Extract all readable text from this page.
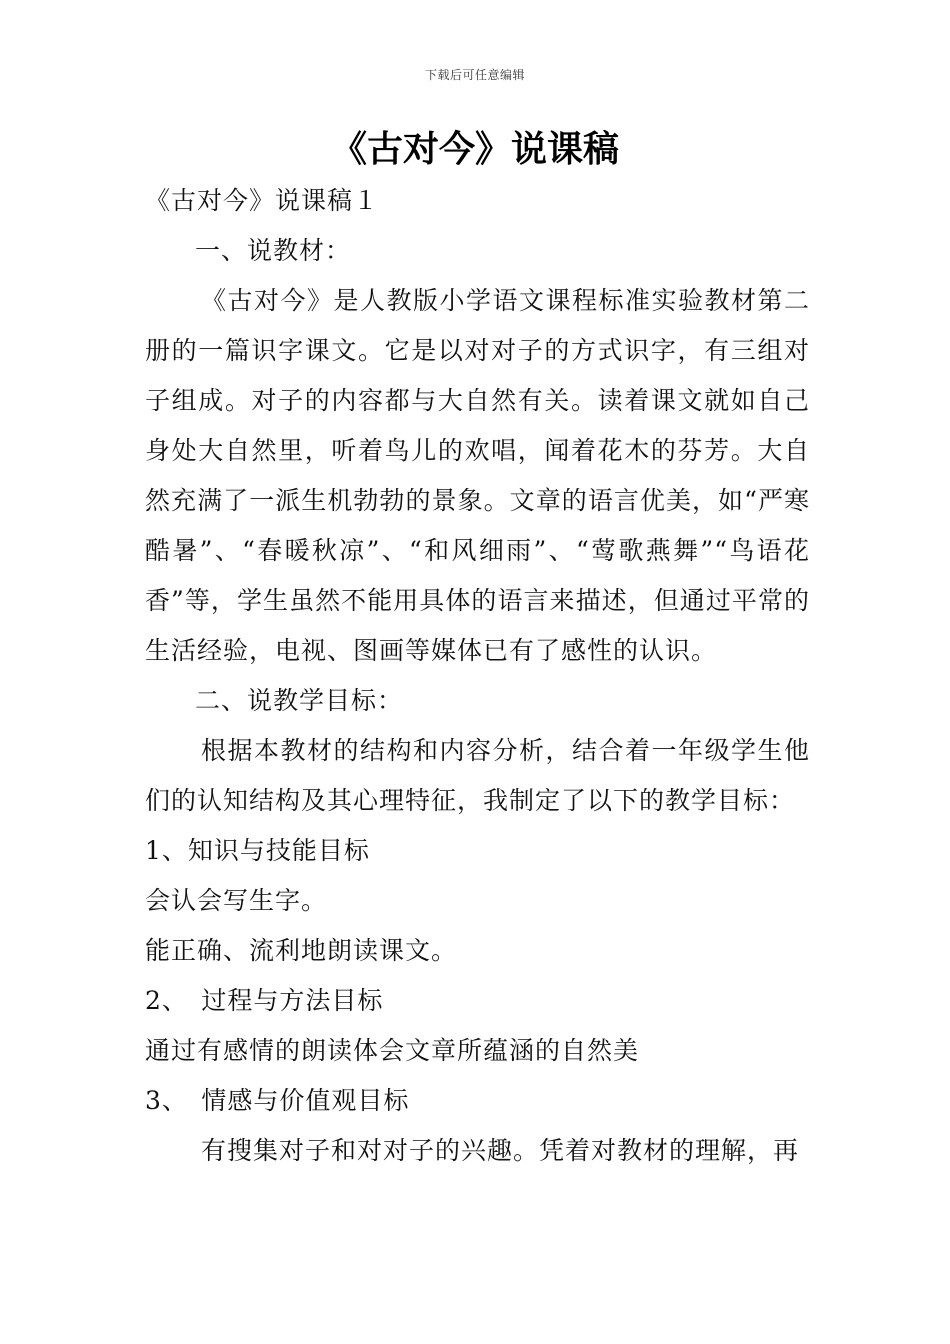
下载后可任意编辑
《古对今》说课稿

《古对今》说课稿１

一、说教材：

《古对今》是人教版小学语文课程标准实验教材第二册的一篇识字课文。它是以对对子的方式识字，有三组对子组成。对子的内容都与大自然有关。读着课文就如自己身处大自然里，听着鸟儿的欢唱，闻着花木的芬芳。大自然充满了一派生机勃勃的景象。文章的语言优美，如“严寒酷暑”、“春暖秋凉”、“和风细雨”、“莺歌燕舞”“鸟语花香”等，学生虽然不能用具体的语言来描述，但通过平常的生活经验，电视、图画等媒体已有了感性的认识。

二、说教学目标：

根据本教材的结构和内容分析，结合着一年级学生他们的认知结构及其心理特征，我制定了以下的教学目标：

1、知识与技能目标

会认会写生字。

能正确、流利地朗读课文。

2、　过程与方法目标

通过有感情的朗读体会文章所蕴涵的自然美

3、　情感与价值观目标

有搜集对子和对对子的兴趣。凭着对教材的理解，再
